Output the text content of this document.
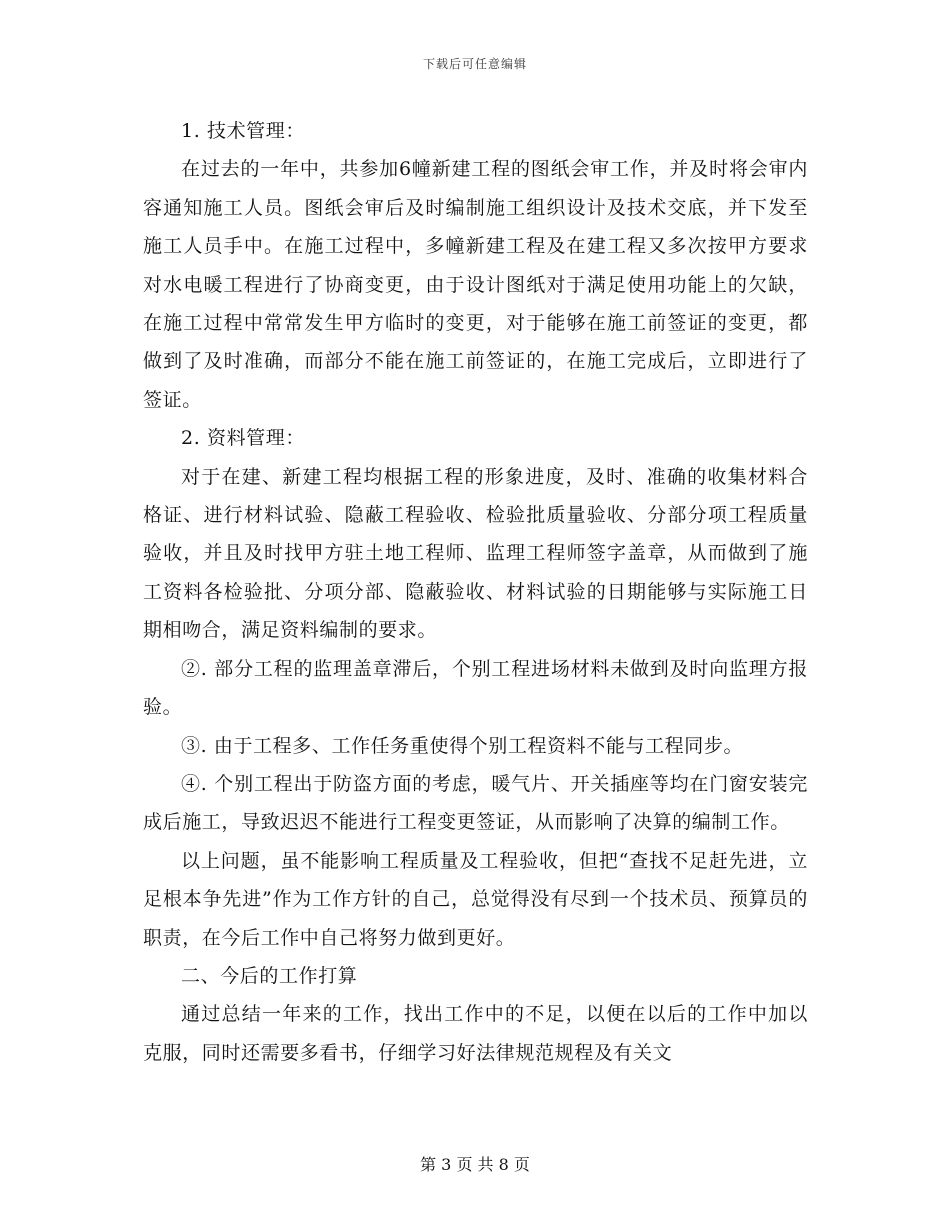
下载后可任意编辑

1. 技术管理：

在过去的一年中，共参加6幢新建工程的图纸会审工作，并及时将会审内容通知施工人员。图纸会审后及时编制施工组织设计及技术交底，并下发至施工人员手中。在施工过程中，多幢新建工程及在建工程又多次按甲方要求对水电暖工程进行了协商变更，由于设计图纸对于满足使用功能上的欠缺，在施工过程中常常发生甲方临时的变更，对于能够在施工前签证的变更，都做到了及时准确，而部分不能在施工前签证的，在施工完成后，立即进行了签证。

2. 资料管理：

对于在建、新建工程均根据工程的形象进度，及时、准确的收集材料合格证、进行材料试验、隐蔽工程验收、检验批质量验收、分部分项工程质量验收，并且及时找甲方驻土地工程师、监理工程师签字盖章，从而做到了施工资料各检验批、分项分部、隐蔽验收、材料试验的日期能够与实际施工日期相吻合，满足资料编制的要求。

②. 部分工程的监理盖章滞后，个别工程进场材料未做到及时向监理方报验。

③. 由于工程多、工作任务重使得个别工程资料不能与工程同步。

④. 个别工程出于防盗方面的考虑，暖气片、开关插座等均在门窗安装完成后施工，导致迟迟不能进行工程变更签证，从而影响了决算的编制工作。

以上问题，虽不能影响工程质量及工程验收，但把“查找不足赶先进，立足根本争先进”作为工作方针的自己，总觉得没有尽到一个技术员、预算员的职责，在今后工作中自己将努力做到更好。

二、今后的工作打算

通过总结一年来的工作，找出工作中的不足，以便在以后的工作中加以克服，同时还需要多看书，仔细学习好法律规范规程及有关文

第 3 页 共 8 页
